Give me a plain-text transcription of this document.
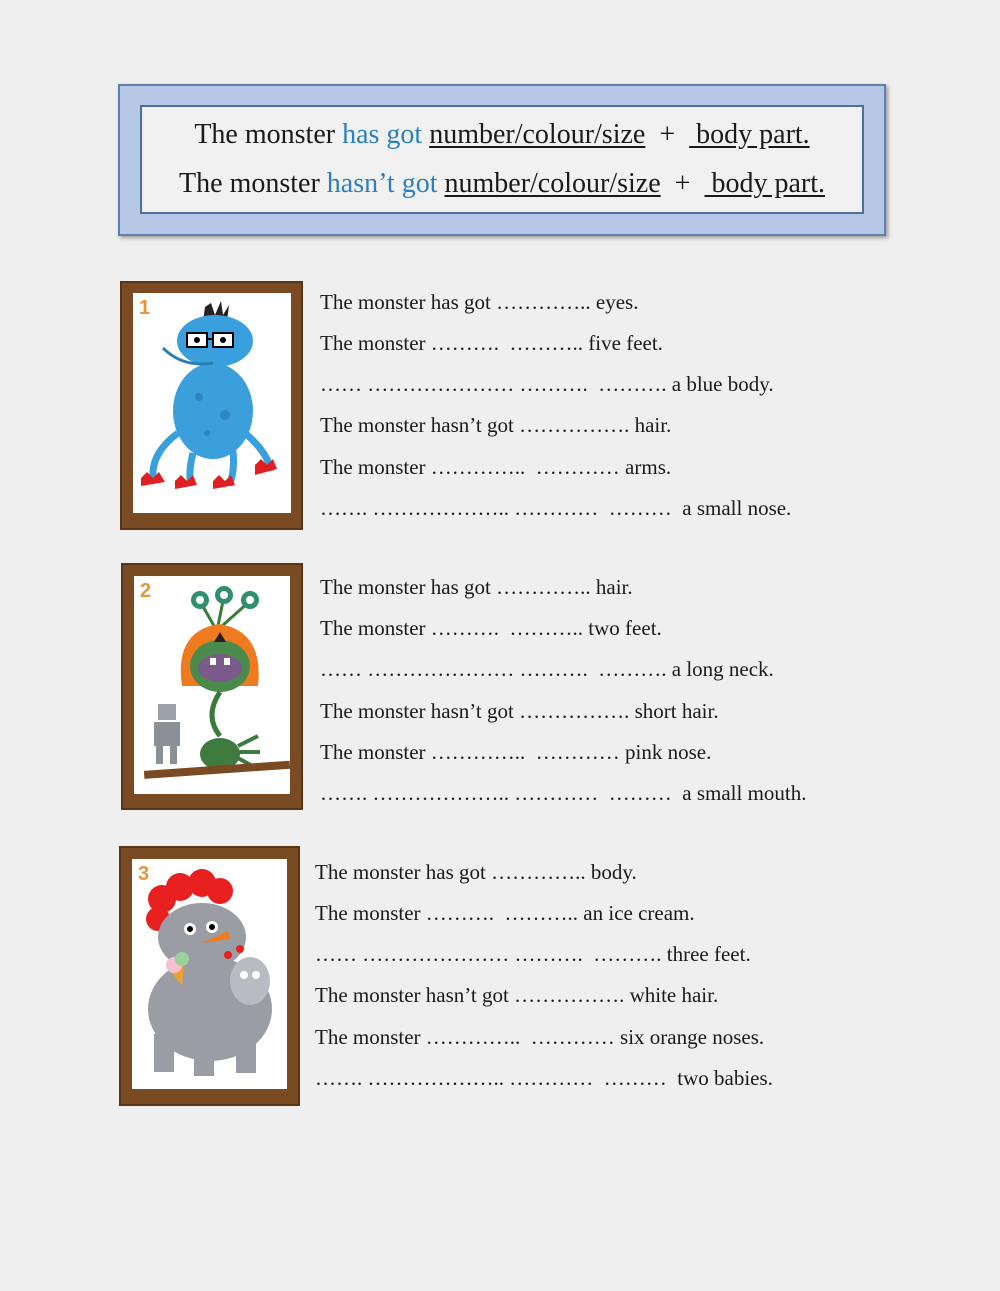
The monster has got number/colour/size  +   body part.
The monster hasn’t got number/colour/size  +   body part.
1	The monster has got ………….. eyes.
The monster ……….  ……….. five feet.
…… ………………… ……….  ………. a blue body.
The monster hasn’t got ……………. hair.
The monster …………..  ………… arms.
……. ……………….. …………  ………  a small nose.
2	The monster has got ………….. hair.
The monster ……….  ……….. two feet.
…… ………………… ……….  ………. a long neck.
The monster hasn’t got ……………. short hair.
The monster …………..  ………… pink nose.
……. ……………….. …………  ………  a small mouth.
3	The monster has got ………….. body.
The monster ……….  ……….. an ice cream.
…… ………………… ……….  ………. three feet.
The monster hasn’t got ……………. white hair.
The monster …………..  ………… six orange noses.
……. ……………….. …………  ………  two babies.
